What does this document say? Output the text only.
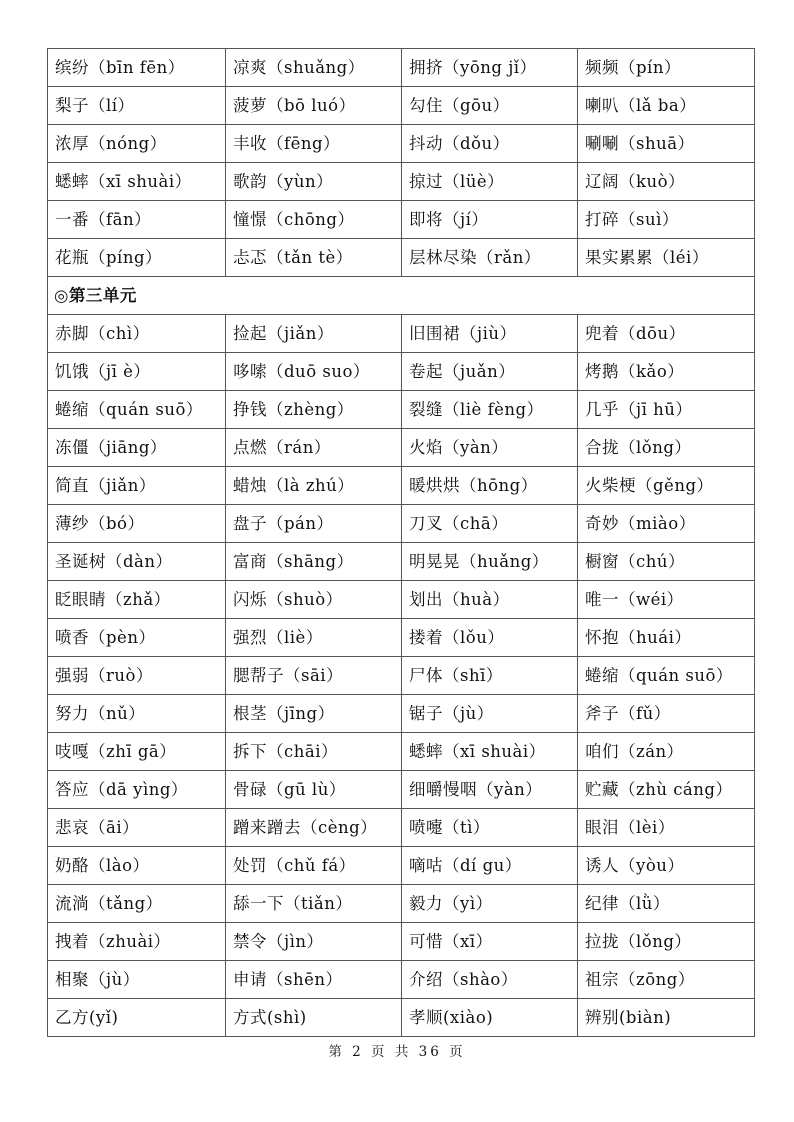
缤纷（bīn fēn）	凉爽（shuǎng）	拥挤（yōng jǐ）	频频（pín）
梨子（lí）	菠萝（bō luó）	勾住（gōu）	喇叭（lǎ ba）
浓厚（nóng）	丰收（fēng）	抖动（dǒu）	唰唰（shuā）
蟋蟀（xī shuài）	歌韵（yùn）	掠过（lüè）	辽阔（kuò）
一番（fān）	憧憬（chōng）	即将（jí）	打碎（suì）
花瓶（píng）	忐忑（tǎn tè）	层林尽染（rǎn）	果实累累（léi）
◎第三单元			
赤脚（chì）	捡起（jiǎn）	旧围裙（jiù）	兜着（dōu）
饥饿（jī è）	哆嗦（duō suo）	卷起（juǎn）	烤鹅（kǎo）
蜷缩（quán suō）	挣钱（zhèng）	裂缝（liè fèng）	几乎（jī hū）
冻僵（jiāng）	点燃（rán）	火焰（yàn）	合拢（lǒng）
简直（jiǎn）	蜡烛（là zhú）	暖烘烘（hōng）	火柴梗（gěng）
薄纱（bó）	盘子（pán）	刀叉（chā）	奇妙（miào）
圣诞树（dàn）	富商（shāng）	明晃晃（huǎng）	橱窗（chú）
眨眼睛（zhǎ）	闪烁（shuò）	划出（huà）	唯一（wéi）
喷香（pèn）	强烈（liè）	搂着（lǒu）	怀抱（huái）
强弱（ruò）	腮帮子（sāi）	尸体（shī）	蜷缩（quán suō）
努力（nǔ）	根茎（jīng）	锯子（jù）	斧子（fǔ）
吱嘎（zhī gā）	拆下（chāi）	蟋蟀（xī shuài）	咱们（zán）
答应（dā yìng）	骨碌（gū lù）	细嚼慢咽（yàn）	贮藏（zhù cáng）
悲哀（āi）	蹭来蹭去（cèng）	喷嚏（tì）	眼泪（lèi）
奶酪（lào）	处罚（chǔ fá）	嘀咕（dí gu）	诱人（yòu）
流淌（tǎng）	舔一下（tiǎn）	毅力（yì）	纪律（lǜ）
拽着（zhuài）	禁令（jìn）	可惜（xī）	拉拢（lǒng）
相聚（jù）	申请（shēn）	介绍（shào）	祖宗（zōng）
乙方(yǐ)	方式(shì)	孝顺(xiào)	辨别(biàn)
第 2 页 共 36 页
